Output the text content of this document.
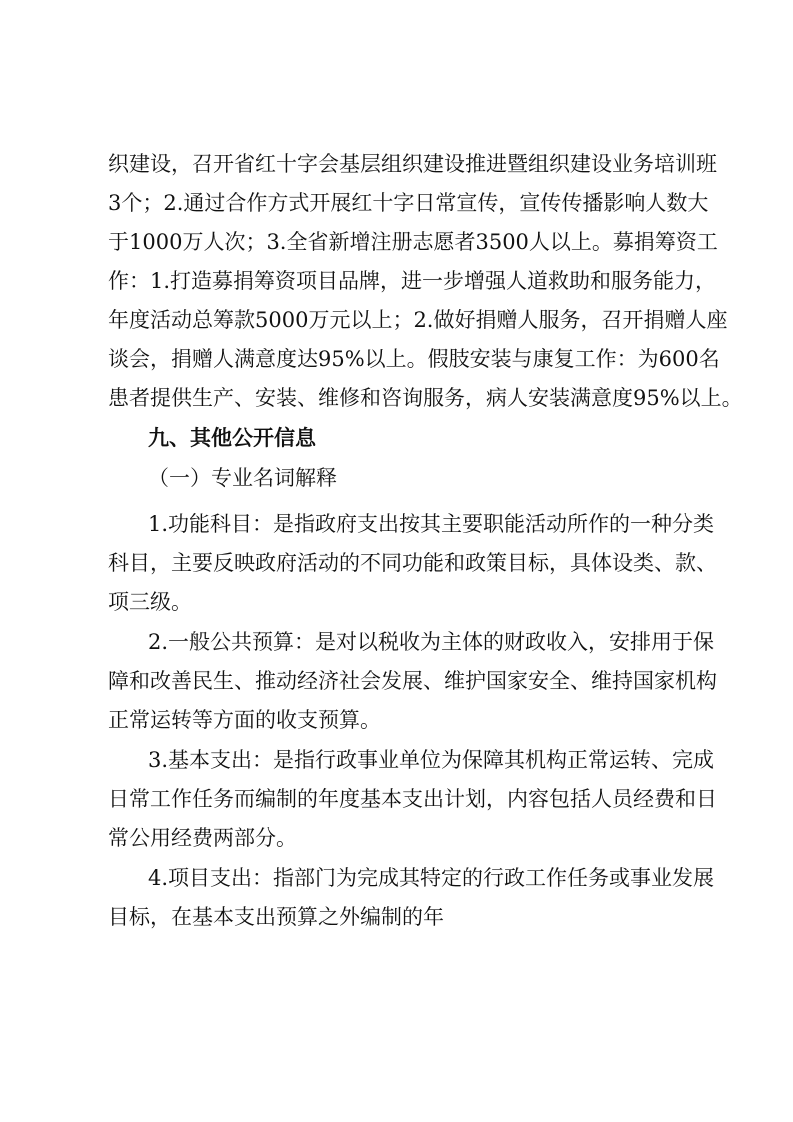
织建设，召开省红十字会基层组织建设推进暨组织建设业务培训班
3个；2.通过合作方式开展红十字日常宣传，宣传传播影响人数大
于1000万人次；3.全省新增注册志愿者3500人以上。募捐筹资工
作：1.打造募捐筹资项目品牌，进一步增强人道救助和服务能力，
年度活动总筹款5000万元以上；2.做好捐赠人服务，召开捐赠人座
谈会，捐赠人满意度达95%以上。假肢安装与康复工作：为600名
患者提供生产、安装、维修和咨询服务，病人安装满意度95%以上。
九、其他公开信息
（一）专业名词解释
1.功能科目：是指政府支出按其主要职能活动所作的一种分类
科目，主要反映政府活动的不同功能和政策目标，具体设类、款、
项三级。
2.一般公共预算：是对以税收为主体的财政收入，安排用于保
障和改善民生、推动经济社会发展、维护国家安全、维持国家机构
正常运转等方面的收支预算。
3.基本支出：是指行政事业单位为保障其机构正常运转、完成
日常工作任务而编制的年度基本支出计划，内容包括人员经费和日
常公用经费两部分。
4.项目支出：指部门为完成其特定的行政工作任务或事业发展
目标，在基本支出预算之外编制的年
